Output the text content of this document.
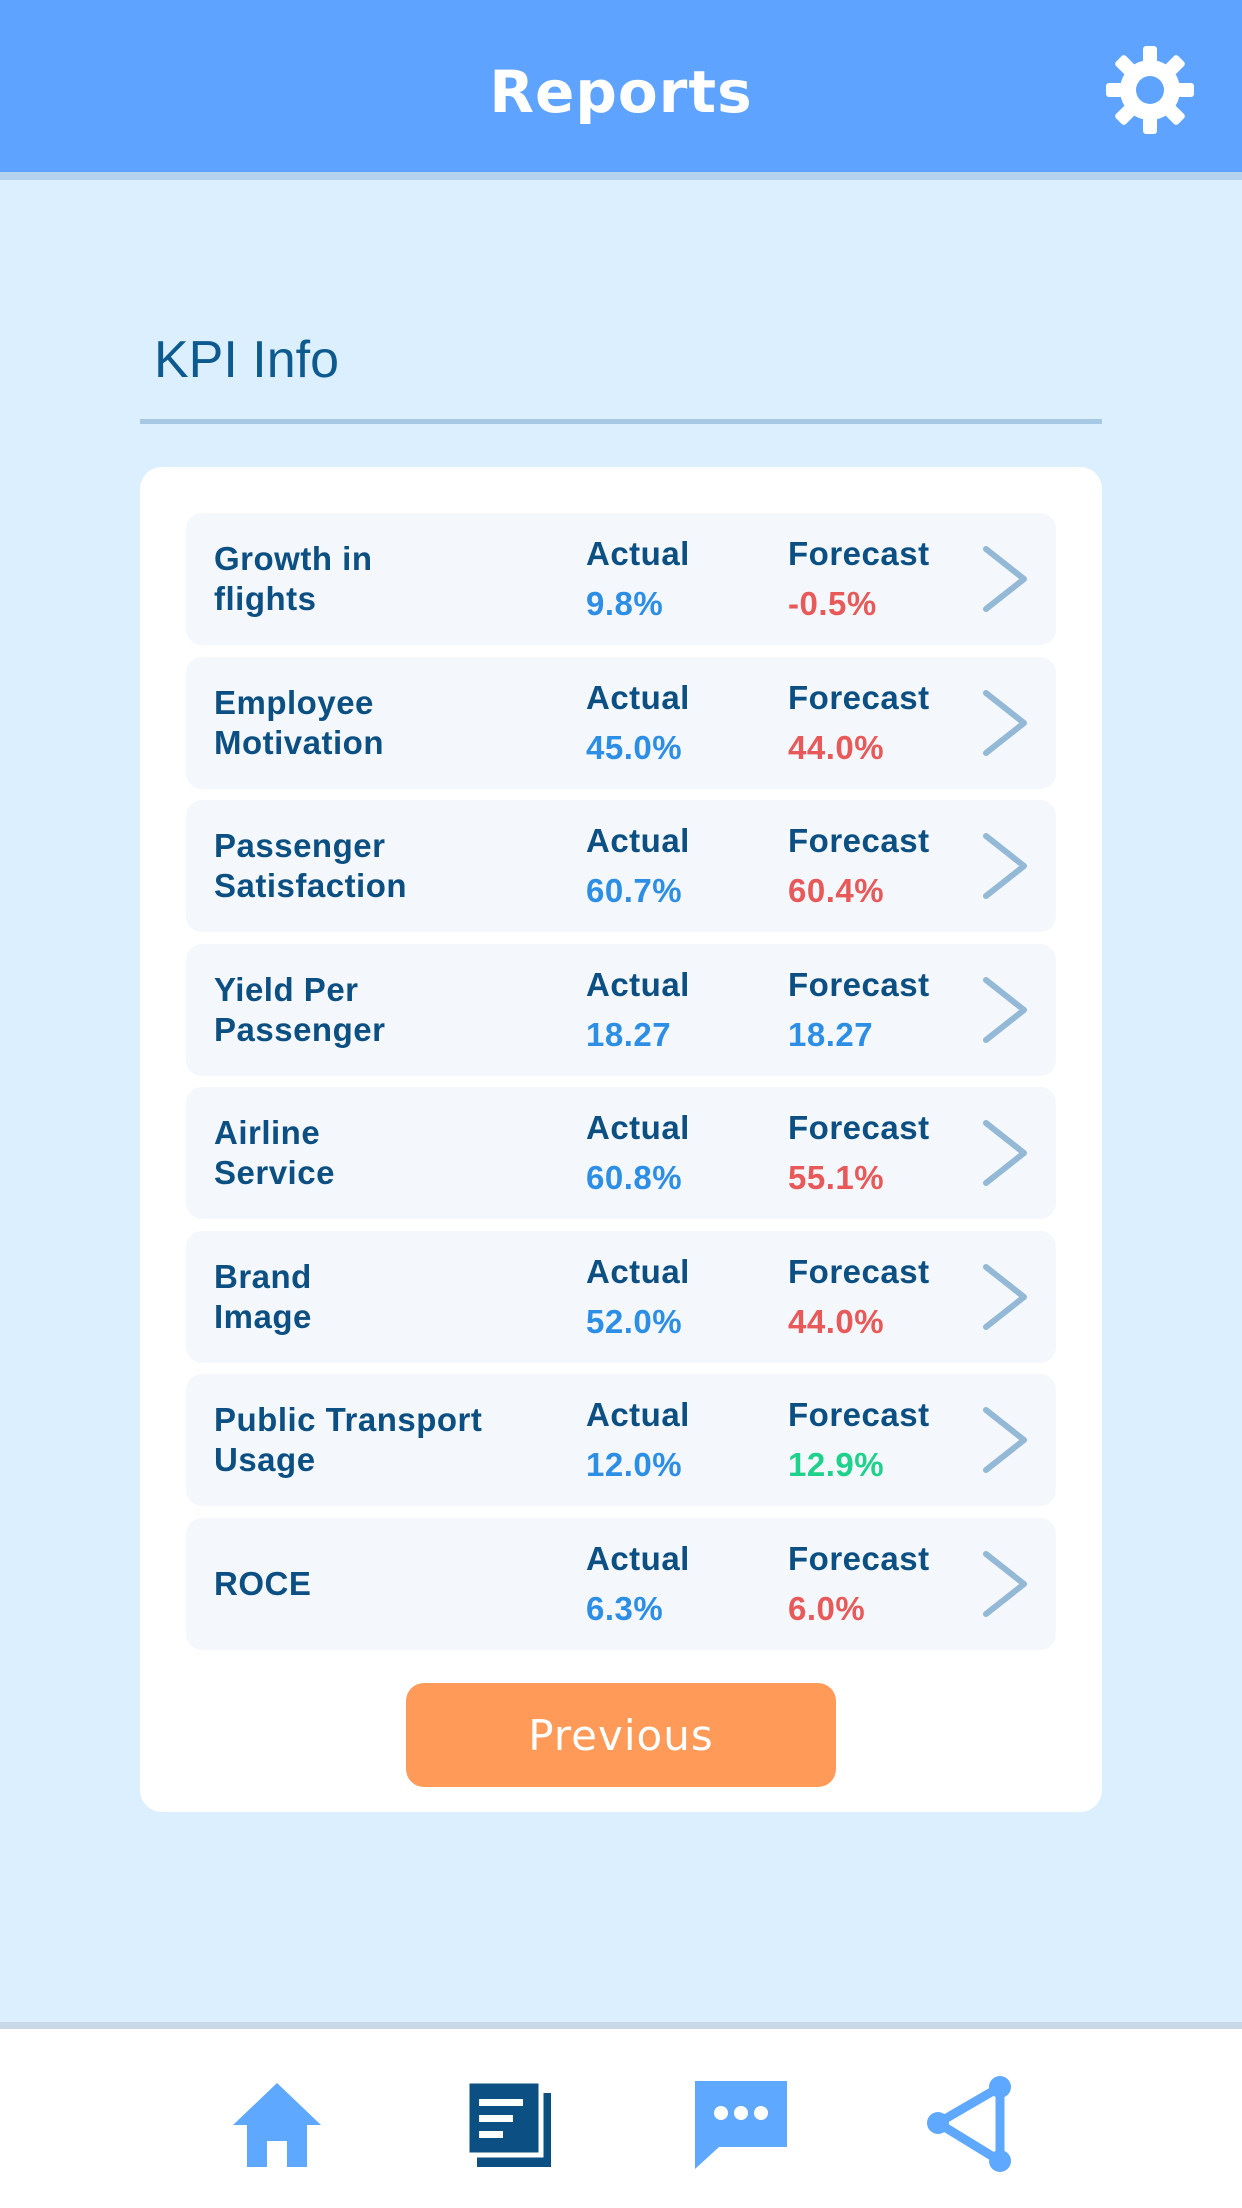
Reports
KPI Info
Growth in
flights
Actual
9.8%
Forecast
-0.5%
Employee
Motivation
Actual
45.0%
Forecast
44.0%
Passenger
Satisfaction
Actual
60.7%
Forecast
60.4%
Yield Per
Passenger
Actual
18.27
Forecast
18.27
Airline
Service
Actual
60.8%
Forecast
55.1%
Brand
Image
Actual
52.0%
Forecast
44.0%
Public Transport
Usage
Actual
12.0%
Forecast
12.9%
ROCE
Actual
6.3%
Forecast
6.0%
Previous
